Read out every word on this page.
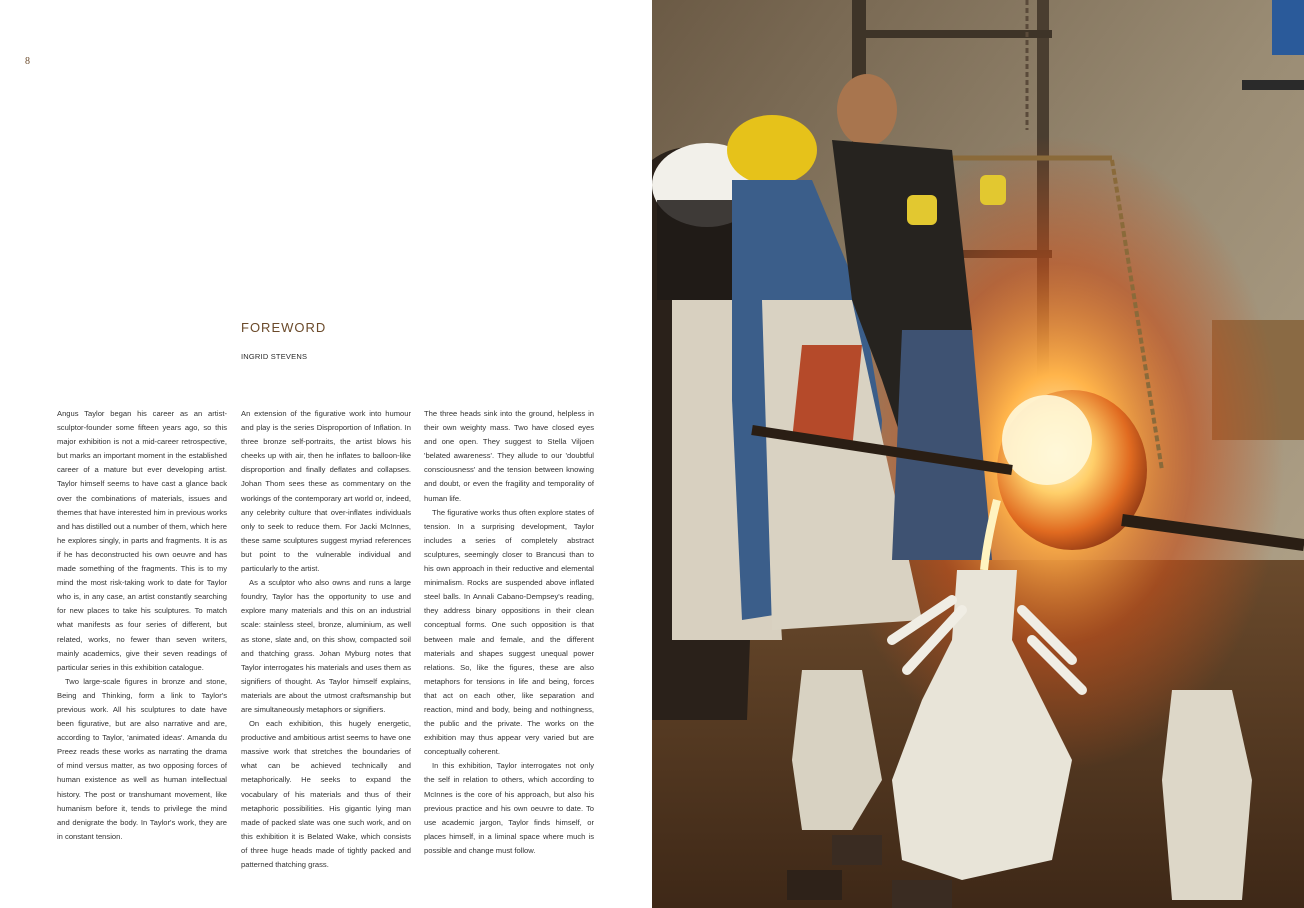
8
FOREWORD
INGRID STEVENS

Angus Taylor began his career as an artist-sculptor-founder some fifteen years ago, so this major exhibition is not a mid-career retrospective, but marks an important moment in the established career of a mature but ever developing artist. Taylor himself seems to have cast a glance back over the combinations of materials, issues and themes that have interested him in previous works and has distilled out a number of them, which here he explores singly, in parts and fragments. It is as if he has deconstructed his own oeuvre and has made something of the fragments. This is to my mind the most risk-taking work to date for Taylor who is, in any case, an artist constantly searching for new places to take his sculptures. To match what manifests as four series of different, but related, works, no fewer than seven writers, mainly academics, give their seven readings of particular series in this exhibition catalogue.

Two large-scale figures in bronze and stone, Being and Thinking, form a link to Taylor's previous work. All his sculptures to date have been figurative, but are also narrative and are, according to Taylor, 'animated ideas'. Amanda du Preez reads these works as narrating the drama of mind versus matter, as two opposing forces of human existence as well as human intellectual history. The post or transhumant movement, like humanism before it, tends to privilege the mind and denigrate the body. In Taylor's work, they are in constant tension.

An extension of the figurative work into humour and play is the series Disproportion of Inflation. In three bronze self-portraits, the artist blows his cheeks up with air, then he inflates to balloon-like disproportion and finally deflates and collapses. Johan Thom sees these as commentary on the workings of the contemporary art world or, indeed, any celebrity culture that over-inflates individuals only to seek to reduce them. For Jacki McInnes, these same sculptures suggest myriad references but point to the vulnerable individual and particularly to the artist.

As a sculptor who also owns and runs a large foundry, Taylor has the opportunity to use and explore many materials and this on an industrial scale: stainless steel, bronze, aluminium, as well as stone, slate and, on this show, compacted soil and thatching grass. Johan Myburg notes that Taylor interrogates his materials and uses them as signifiers of thought. As Taylor himself explains, materials are about the utmost craftsmanship but are simultaneously metaphors or signifiers.

On each exhibition, this hugely energetic, productive and ambitious artist seems to have one massive work that stretches the boundaries of what can be achieved technically and metaphorically. He seeks to expand the vocabulary of his materials and thus of their metaphoric possibilities. His gigantic lying man made of packed slate was one such work, and on this exhibition it is Belated Wake, which consists of three huge heads made of tightly packed and patterned thatching grass.

The three heads sink into the ground, helpless in their own weighty mass. Two have closed eyes and one open. They suggest to Stella Viljoen 'belated awareness'. They allude to our 'doubtful consciousness' and the tension between knowing and doubt, or even the fragility and temporality of human life.

The figurative works thus often explore states of tension. In a surprising development, Taylor includes a series of completely abstract sculptures, seemingly closer to Brancusi than to his own approach in their reductive and elemental minimalism. Rocks are suspended above inflated steel balls. In Annali Cabano-Dempsey's reading, they address binary oppositions in their clean conceptual forms. One such opposition is that between male and female, and the different materials and shapes suggest unequal power relations. So, like the figures, these are also metaphors for tensions in life and being, forces that act on each other, like separation and reaction, mind and body, being and nothingness, the public and the private. The works on the exhibition may thus appear very varied but are conceptually coherent.

In this exhibition, Taylor interrogates not only the self in relation to others, which according to McInnes is the core of his approach, but also his previous practice and his own oeuvre to date. To use academic jargon, Taylor finds himself, or places himself, in a liminal space where much is possible and change must follow.
